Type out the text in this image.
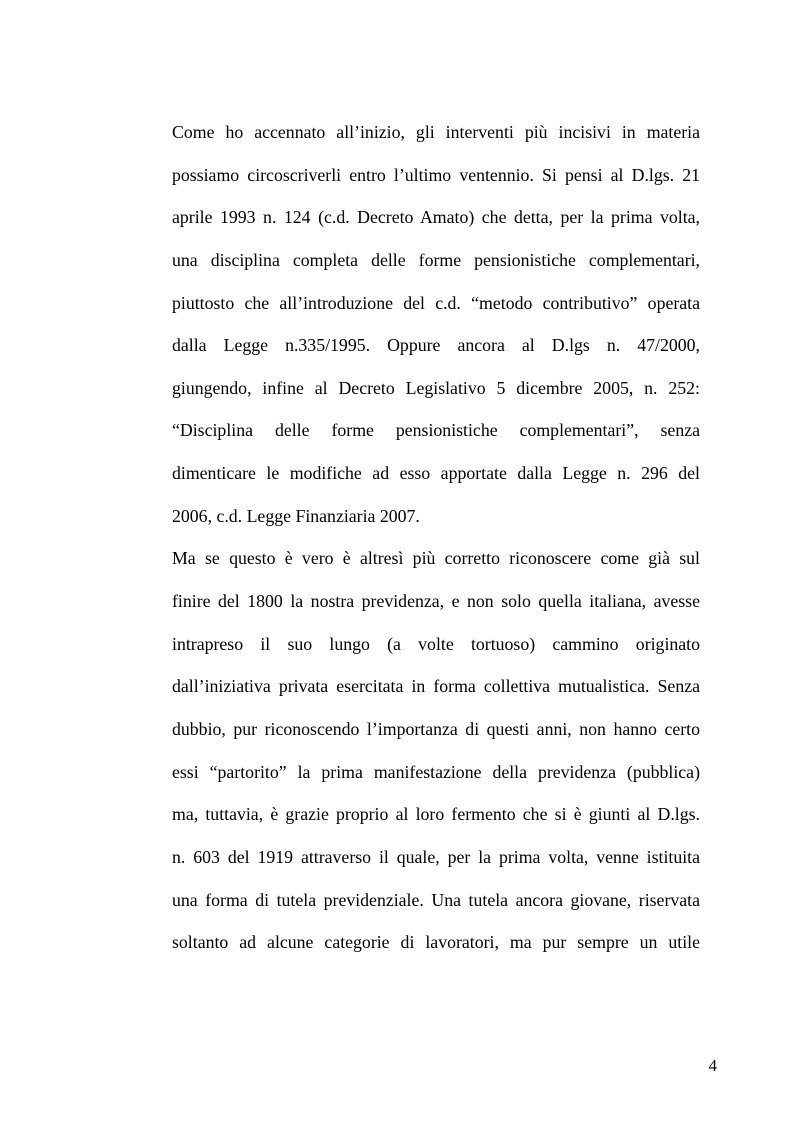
Come ho accennato all’inizio, gli interventi più incisivi in materia
possiamo circoscriverli entro l’ultimo ventennio. Si pensi al D.lgs. 21
aprile 1993 n. 124 (c.d. Decreto Amato) che detta, per la prima volta,
una disciplina completa delle forme pensionistiche complementari,
piuttosto che all’introduzione del c.d. “metodo contributivo” operata
dalla Legge n.335/1995. Oppure ancora al D.lgs n. 47/2000,
giungendo, infine al Decreto Legislativo 5 dicembre 2005, n. 252:
“Disciplina delle forme pensionistiche complementari”, senza
dimenticare le modifiche ad esso apportate dalla Legge n. 296 del
2006, c.d. Legge Finanziaria 2007.
Ma se questo è vero è altresì più corretto riconoscere come già sul
finire del 1800 la nostra previdenza, e non solo quella italiana, avesse
intrapreso il suo lungo (a volte tortuoso) cammino originato
dall’iniziativa privata esercitata in forma collettiva mutualistica. Senza
dubbio, pur riconoscendo l’importanza di questi anni, non hanno certo
essi “partorito” la prima manifestazione della previdenza (pubblica)
ma, tuttavia, è grazie proprio al loro fermento che si è giunti al D.lgs.
n. 603 del 1919 attraverso il quale, per la prima volta, venne istituita
una forma di tutela previdenziale. Una tutela ancora giovane, riservata
soltanto ad alcune categorie di lavoratori, ma pur sempre un utile
4
